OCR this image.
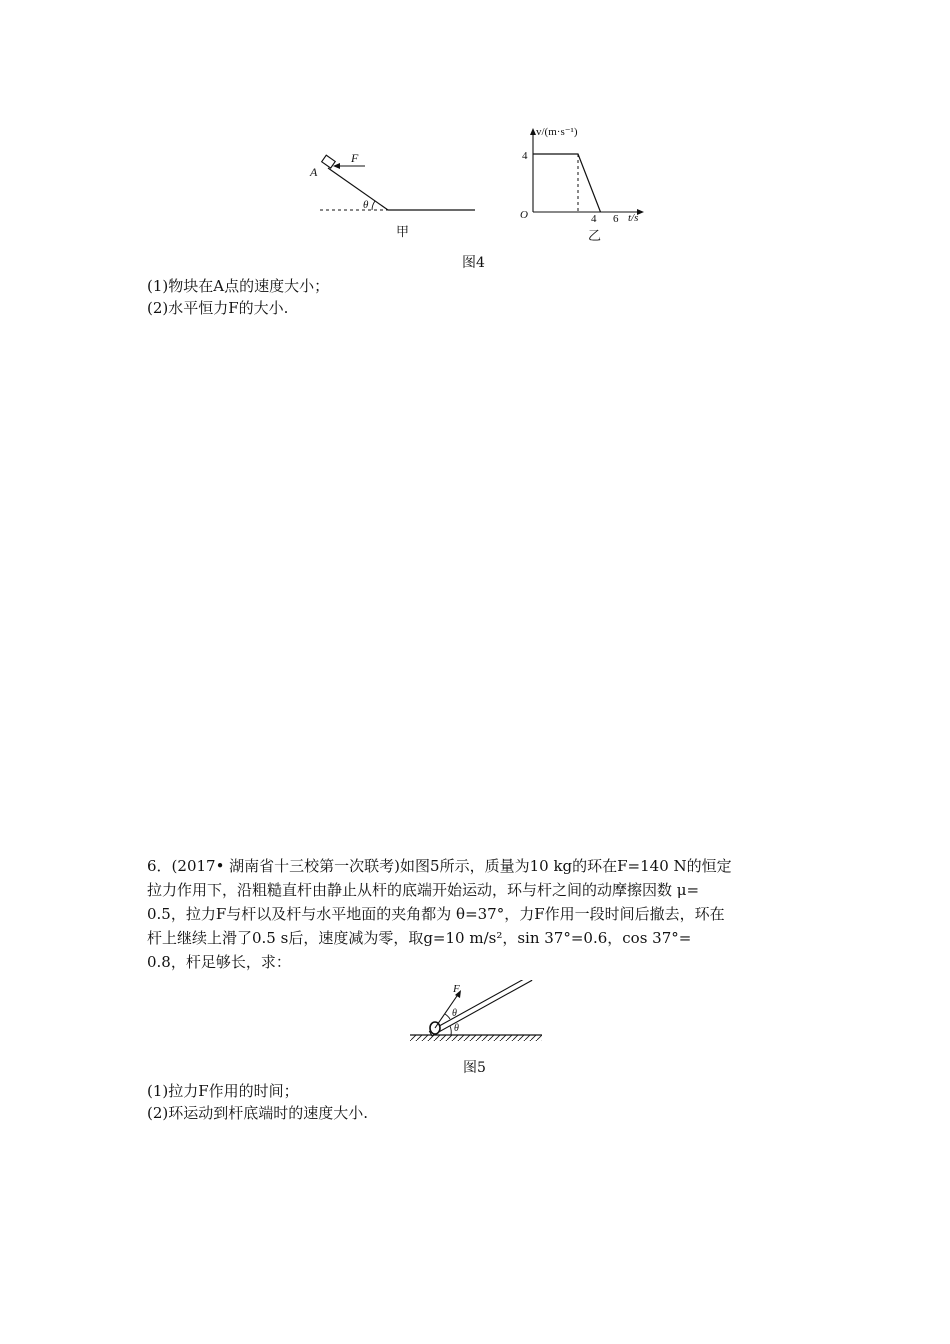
A
F
θ
甲
v/(m·s⁻¹)
t/s
O
4
4 6
乙
图4
(1)物块在A点的速度大小；
(2)水平恒力F的大小.
6．(2017• 湖南省十三校第一次联考)如图5所示，质量为10 kg的环在F=140 N的恒定
拉力作用下，沿粗糙直杆由静止从杆的底端开始运动，环与杆之间的动摩擦因数 μ=
0.5，拉力F与杆以及杆与水平地面的夹角都为 θ=37°，力F作用一段时间后撤去，环在
杆上继续上滑了0.5 s后，速度减为零，取g=10 m/s²，sin 37°=0.6，cos 37°=
0.8，杆足够长，求：
F
θ
θ
图5
(1)拉力F作用的时间；
(2)环运动到杆底端时的速度大小.
